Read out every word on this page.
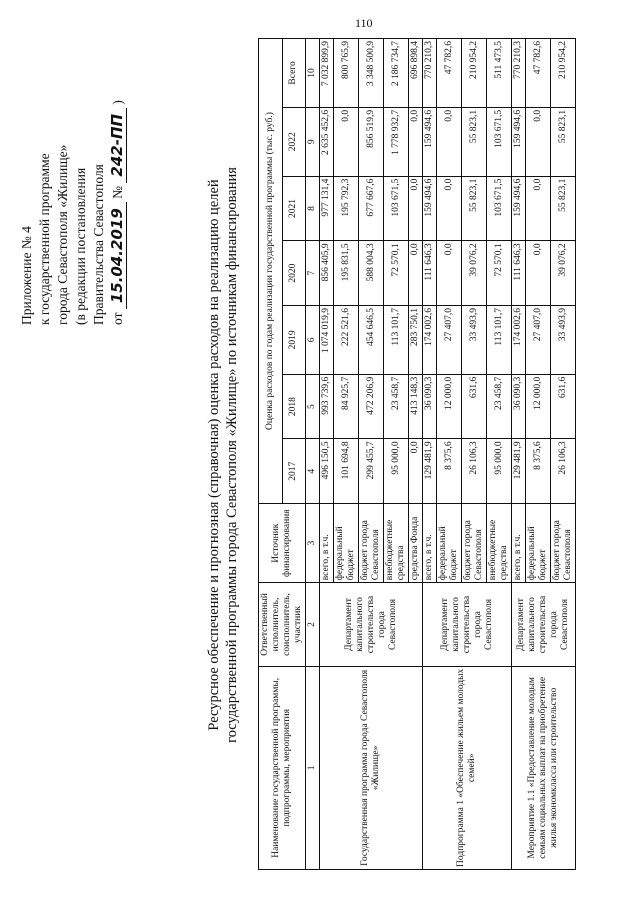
110
Приложение № 4 к государственной программе города Севастополя «Жилище» (в редакции постановления Правительства Севастополя от 15.04.2019 № 242-ПП )
Ресурсное обеспечение и прогнозная (справочная) оценка расходов на реализацию целей государственной программы города Севастополя «Жилище» по источникам финансирования
Наименование государственной программы, подпрограммы, мероприятия	Ответственный исполнитель, соисполнитель, участник	Источник финансирования	Оценка расходов по годам реализации государственной программы (тыс. руб.)						
			2017	2018	2019	2020	2021	2022	Всего
1	2	3	4	5	6	7	8	9	10
Государственная программа города Севастополя «Жилище»	Департамент капитального строительства города Севастополя	всего, в т.ч.	496 150,5	993 739,6	1 074 019,9	856 405,9	977 131,4	2 635 452,6	7 032 899,9
		федеральный бюджет	101 694,8	84 925,7	222 521,6	195 831,5	195 792,3	0,0	800 765,9
		бюджет города Севастополя	299 455,7	472 206,9	454 646,5	588 004,3	677 667,6	856 519,9	3 348 500,9
		внебюджетные средства	95 000,0	23 458,7	113 101,7	72 570,1	103 671,5	1 778 932,7	2 186 734,7
		средства Фонда	0,0	413 148,3	283 750,1	0,0	0,0	0,0	696 898,4
Подпрограмма 1 «Обеспечение жильем молодых семей»	Департамент капитального строительства города Севастополя	всего, в т.ч.	129 481,9	36 090,3	174 002,6	111 646,3	159 494,6	159 494,6	770 210,3
		федеральный бюджет	8 375,6	12 000,0	27 407,0	0,0	0,0	0,0	47 782,6
		бюджет города Севастополя	26 106,3	631,6	33 493,9	39 076,2	55 823,1	55 823,1	210 954,2
		внебюджетные средства	95 000,0	23 458,7	113 101,7	72 570,1	103 671,5	103 671,5	511 473,5
Мероприятие 1.1 «Предоставление молодым семьям социальных выплат на приобретение жилья экономкласса или строительство	Департамент капитального строительства города Севастополя	всего, в т.ч.	129 481,9	36 090,3	174 002,6	111 646,3	159 494,6	159 494,6	770 210,3
		федеральный бюджет	8 375,6	12 000,0	27 407,0	0,0	0,0	0,0	47 782,6
		бюджет города Севастополя	26 106,3	631,6	33 493,9	39 076,2	55 823,1	55 823,1	210 954,2
